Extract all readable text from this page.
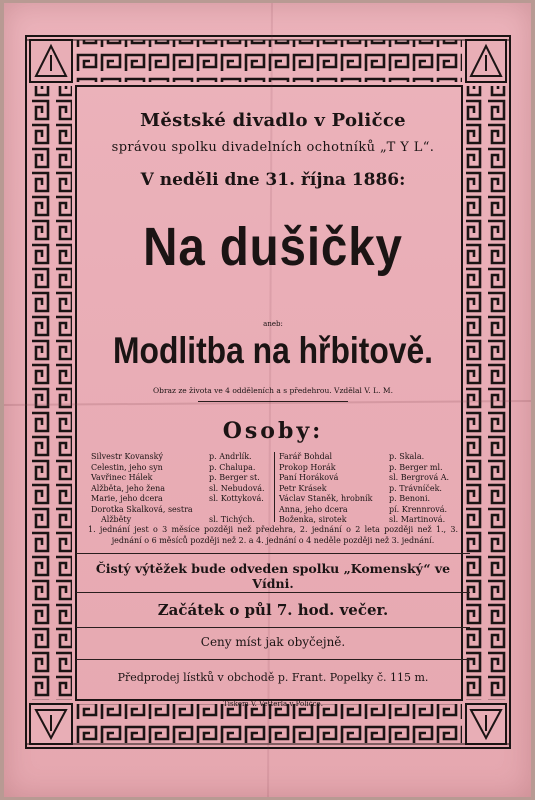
Městské divadlo v Poličce
správou spolku divadelních ochotníků „T Y L“.
V neděli dne 31. října 1886:
Na dušičky
aneb:
Modlitba na hřbitově.
Obraz ze života ve 4 odděleních a s předehrou. Vzdělal V. L. M.
Osoby:
Silvestr Kovanský	p. Andrlík.
Celestin, jeho syn	p. Chalupa.
Vavřinec Hálek	p. Berger st.
Alžběta, jeho žena	sl. Nebudová.
Marie, jeho dcera	sl. Kottyková.
Dorotka Skalková, sestra
Alžběty	sl. Tichých.
Farář Bohdal	p. Skala.
Prokop Horák	p. Berger ml.
Paní Horáková	sl. Bergrová A.
Petr Krásek	p. Trávníček.
Václav Staněk, hrobník	p. Benoni.
Anna, jeho dcera	pí. Krennrová.
Boženka, sirotek	sl. Martinová.
1. jednání jest o 3 měsíce později než předehra, 2. jednání o 2 leta později než 1., 3. jednání o 6 měsíců později než 2. a 4. jednání o 4 neděle později než 3. jednání.
Čistý výtěžek bude odveden spolku „Komenský“ ve Vídni.
Začátek o půl 7. hod. večer.
Ceny míst jak obyčejně.
Předprodej lístků v obchodě p. Frant. Popelky č. 115 m.
Tiskem V. Vetterla v Poličce.
